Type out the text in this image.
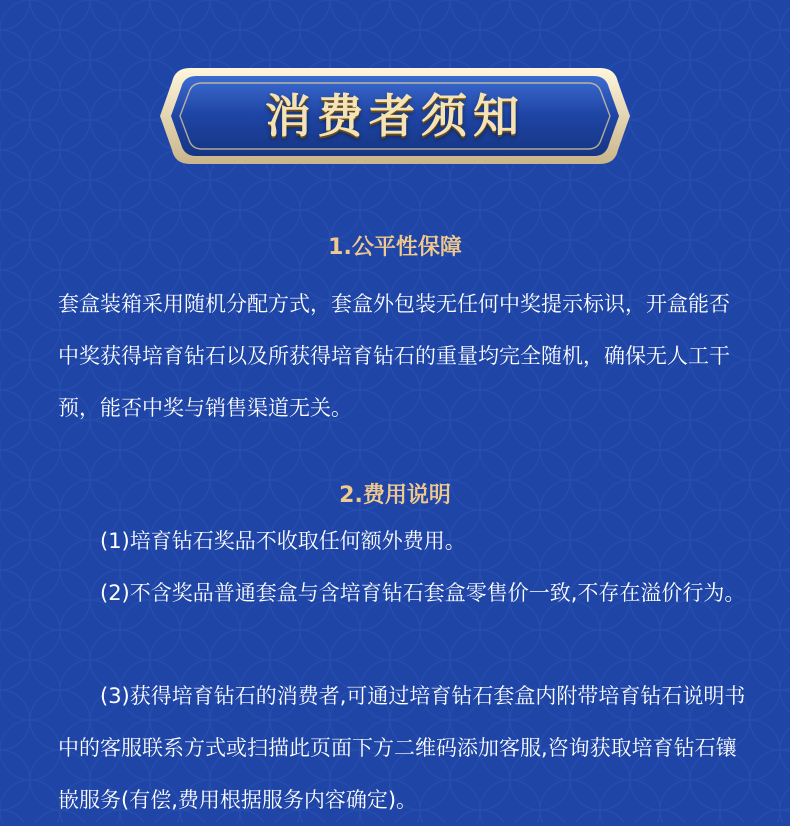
消费者须知
1.公平性保障

套盒装箱采用随机分配方式，套盒外包装无任何中奖提示标识，开盒能否中奖获得培育钻石以及所获得培育钻石的重量均完全随机，确保无人工干预，能否中奖与销售渠道无关。

2.费用说明

(1)培育钻石奖品不收取任何额外费用。

(2)不含奖品普通套盒与含培育钻石套盒零售价一致,不存在溢价行为。

(3)获得培育钻石的消费者,可通过培育钻石套盒内附带培育钻石说明书中的客服联系方式或扫描此页面下方二维码添加客服,咨询获取培育钻石镶嵌服务(有偿,费用根据服务内容确定)。
